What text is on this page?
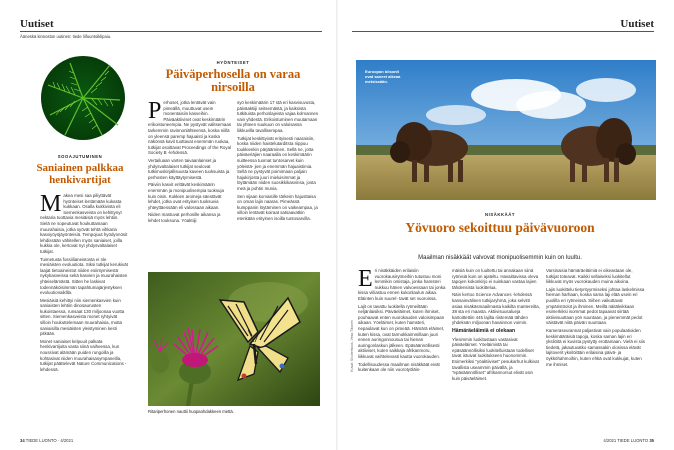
Uutiset
Ääneskä kinnoston uutinen: tiede liifuuntoiklipaiu.
SOOAJUTUMINEN
Saniainen palkkaa henkivartijat

Makea mesi saa piliyttävät hyönteiset lentämään kukasta kukkaan. Osalla kukkivista eli siemenkasveista on kehittynyt nektaria tuottavia mesiäisiä myös lehtiin. Sielä ne sopeutuvat houkuttamaan muurahaisia, jotka syövät tehtä vihkaria kasviyöyöjäyönteisiä. Tempojuut hyödynnösit lehdissään vähitellen myös saniaiset, joilla kukkia ole, kertovat nyt yhdysvaltalaiset tutkijat.

Tuimetusta fossiilianeistosta ei nle mesiäisten evoluutiota. Siksi tutkijat kerukivät laajat tietoaineistot niiden esiintymisestä nykykasveissa sekä kasvien ja muurahaisten yhteiselämästä. Sitten he laskivat todennäköisimmän tapahtumajärjestyksen evoluutionaikllla.

Mesiäisiä kehittyi niin siemenkasvien kuin saniaisten lehtiin dinosaurusten kukoistaessa, runsaat 130 miljoonaa vuotta sitten. Siemenkasveista monet ryhtyivät silloin houkuttelemaan muurahaisia, mutta saniaisilla mesiäisten yleistyminen kesti pitkään.

Monet saniaiset kelpuuit palkata henkivartijoita vasta siinä vaiheessa, kun noussivat alämään puiden rungoilla ja kohtasivat niiden muurahaisasympaneilla, tutkijat päättelevät Nature Communications -lehdessä.

HYÖNTEISET
Päiväperhosella on varaa nirsoilla

Perhoset, jotka lentävät vain pimeällä, muuttuvat usein monentaisiin kasveihin. Päiväaktiiviset ovat keskimäärin erikoistuneempia. Ne pystyvät valitsemaan tarkemmin ravinnonlähteensä, koska niillä on yleensä paremp hajuaisti ja koska näkönsä kavit tuottavat enemmän ruokaa, tutkijat osoittavat Proceedings of the Royal Society B -lehdessä.

Vertailuaan varten taivaanlainset ja yhdysvaltalaiset tutkijat seulovat tutkimuskirjallisuusta kaveen tuoksuista ja perhosten käyttäytymisestä.

Päiviin kasvit erittävät keskimäärin enemmän ja monipuolisempia tuoksuja kuin öisin. Kukkien aromeja säestävät lehdet, jotka ovat erityisen tuoksuvia yhteyttäessään eli valossaan aikaan.

Niiden mastuvat perhosille aikansa ja lehdet touksuna. Yöaktiiji

syö keskimäärin 17 stä eri kasvisuvusta, päiväaktiiji seitsemästä, ja kaiksista tutkituista perhoslajeista vajaa kolmannes vain yhdestä. Erikoistuminen muutamaan tai yhteen suukuun on valoisassa liikkuvilla tavallisempaa.

Tutkijat keskittyivät erityisesti naaraisiin, koska niiden haistelutarditsta riippuu toukkienkin pärjääminen. Sellä ne, jotta päiväeriäjien naaraalla on keskimäärin suitteessa tuomat tuntosarvet kuin yöleistä- jien ja enemmän hajuaistimia. Sellä ne pystyvät poimimaan paljain hajukirjosta juuri mieluisimmat ja löytämään niiden suosikkikasvinsa, josta meä ja pohtin munia.

Sen sijaan korvaisille tärkeim hajusttaisa on oman lajin naaras. Pimeässä kumppanin löytäminen on vaikeampaa, ja silloin lentävät koiraat satsaavatkin etenkään erityinen isoilla tuntosarvilla.

Ritariperhonen nauttii huopaohdakkeen mettä.
34 TIEDE LUONTO · 4/2021
Uutiset
Euroopan biisonit ovat saneet alkeaa metsissään.
NISÄKKÄÄT
Yövuoro sekoittuu päivävuoroon
Maailman nisäkkäät valvovat monipuolisemmin kuin on luultu.
Kuvat: Shutterstock, Vesa Tiitonen

Eri nisäkkäiden erilaisiin vuorokausirytmeihin tutustuu moni lemmikin omistaja, jonka hamsteri nukkuu hänen valvoessaan tai jonka kissa viiliastuu ennen kukonlaulun aikaa. Eläinten kuin suurel- tavät set vuoroissa.

Lajit on tavattu luokitella rytmeiltään neljänlaisiksi. Päiväeläimet, kuten ihmiset, pouhaavat enten vuorokauden valoisimpaan aikaan. Yöeläimet, kuten hamsteri, nepaulavat kun on pimeää. Hämärä eläimet, kuten kissa, ovat tarmokkaimmillaan juuri ennen auringonnousua tai hienan auringonlaskun jälkeen. Epäsäännöllisesti aktiiviset, kuten saikkaja afrikanmoru, liikkuvat vaihtelevasti kautta vuorokauden.

Todellisuudessa maailman nisäkkäät eivät kuitenkaan ole niin vuorotyöläis-

mäisiä kuin on luultettu tai annakaan siinä rytmisiä kuin on ajateltu. Havaittavissa oleva tapojen kokonkirjo ei suinkaan vastaa lajien tähdensista luokittelua.

Näin kertoo Science Advances -lehdessä kansainvälinen tutkijaryhmä, joka selvitti asiaa nisäkäsmaailmasta kaikilta mantereilta, 38 sta eri maasta. Aktiivisuusalueja kartoittettiin 445 lajilta riistemää tähden yhdeksän miljoonan havainnon voimin.

Hämäräeläimiä ei olekaan

Ylesimmin luokitustaan vastasivat päiväeläimet. Yöeläimistä tai epäsäännöllisiksi luokitelluistaan todelliset tavat istuivat luokitukseen huonommin. Esimerkiksi "yöaktiiviset" pesukarhut kulkivat tavallista useammin päivällä, ja "epäsäännölliset" afrikannorsut elivät osin kuin päiväeläimet.

Varsinaisia hämäräeläimiä ei oikeastaan ole, tutkijat toteavat. Kaikki sellaiseksi luokitellut liikkuvat myös vuorokauden muina aikoina.

Lajin luokittelu tietyntyyrmiseksi johtaa laskelmissa hieman harhaan, koska sama laji elää usein eri puolilla eri rytmeissä. Siihen vaikuttavat ympäristöolot ja ihminen. Meillä näitäleikkaan esimerkiksi isommat pedot tapaavat siirtää aktiivisuuttaan yön suuntaan, ja pienemmät pedot väistävät niitä päivän suuntaan.

Kameraseurannat paljastivat vain populaatioiden keskimääräisiä tapoja, koska saman lajin eri yksilöitä ei kuvista pystytty erottamaan. Vielä ei siis tiedetä, jakautuvatko samassakin olosissa elävät lajitoverit yksilöittäin erilaisina päivä- ja öykköhahmoihin, kuten ehkä ovat kukkujat, kuten me ihmiset.

4/2021 TIEDE LUONTO 35
